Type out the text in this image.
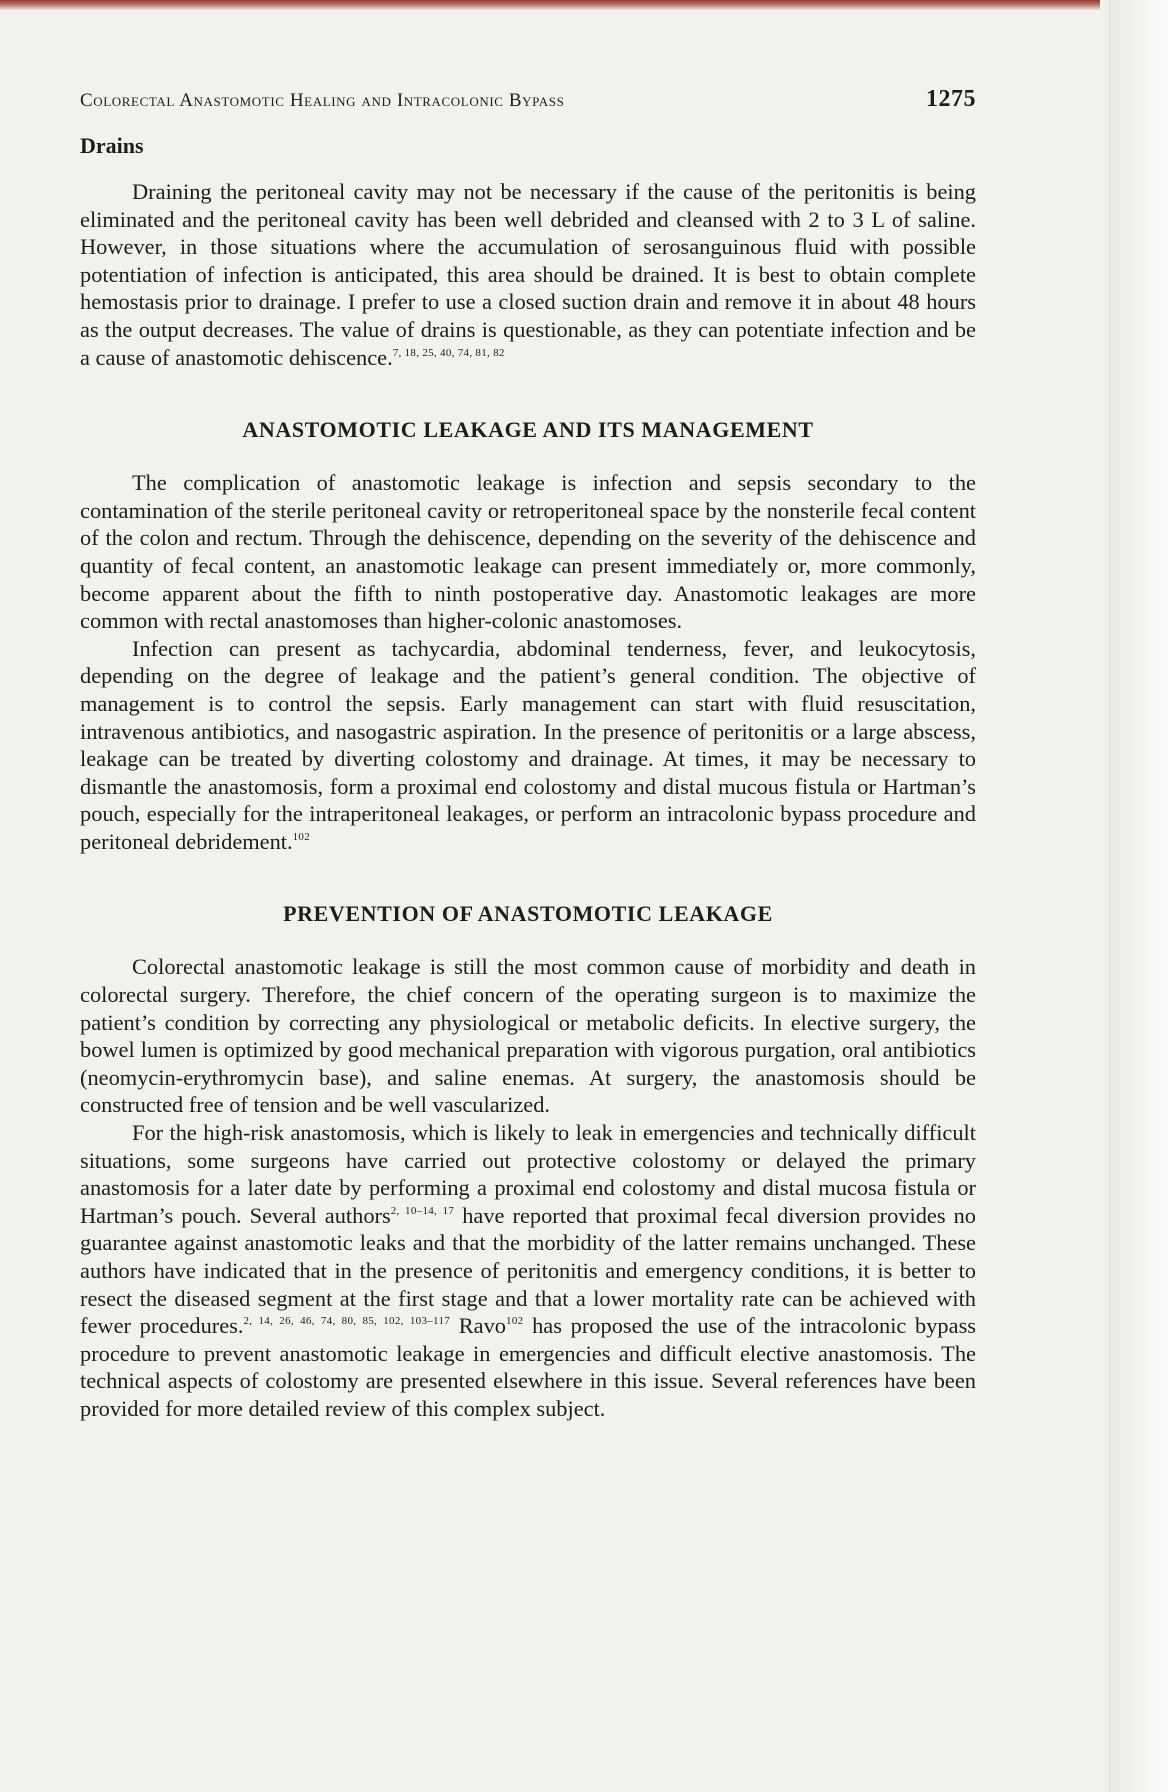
Colorectal Anastomotic Healing and Intracolonic Bypass	1275
Drains

Draining the peritoneal cavity may not be necessary if the cause of the peritonitis is being eliminated and the peritoneal cavity has been well debrided and cleansed with 2 to 3 L of saline. However, in those situations where the accumulation of serosanguinous fluid with possible potentiation of infection is anticipated, this area should be drained. It is best to obtain complete hemostasis prior to drainage. I prefer to use a closed suction drain and remove it in about 48 hours as the output decreases. The value of drains is questionable, as they can potentiate infection and be a cause of anastomotic dehiscence.$^{7, 18, 25, 40, 74, 81, 82}$

ANASTOMOTIC LEAKAGE AND ITS MANAGEMENT

The complication of anastomotic leakage is infection and sepsis secondary to the contamination of the sterile peritoneal cavity or retroperitoneal space by the nonsterile fecal content of the colon and rectum. Through the dehiscence, depending on the severity of the dehiscence and quantity of fecal content, an anastomotic leakage can present immediately or, more commonly, become apparent about the fifth to ninth postoperative day. Anastomotic leakages are more common with rectal anastomoses than higher-colonic anastomoses.

Infection can present as tachycardia, abdominal tenderness, fever, and leukocytosis, depending on the degree of leakage and the patient’s general condition. The objective of management is to control the sepsis. Early management can start with fluid resuscitation, intravenous antibiotics, and nasogastric aspiration. In the presence of peritonitis or a large abscess, leakage can be treated by diverting colostomy and drainage. At times, it may be necessary to dismantle the anastomosis, form a proximal end colostomy and distal mucous fistula or Hartman’s pouch, especially for the intraperitoneal leakages, or perform an intracolonic bypass procedure and peritoneal debridement.$^{102}$

PREVENTION OF ANASTOMOTIC LEAKAGE

Colorectal anastomotic leakage is still the most common cause of morbidity and death in colorectal surgery. Therefore, the chief concern of the operating surgeon is to maximize the patient’s condition by correcting any physiological or metabolic deficits. In elective surgery, the bowel lumen is optimized by good mechanical preparation with vigorous purgation, oral antibiotics (neomycin-erythromycin base), and saline enemas. At surgery, the anastomosis should be constructed free of tension and be well vascularized.

For the high-risk anastomosis, which is likely to leak in emergencies and technically difficult situations, some surgeons have carried out protective colostomy or delayed the primary anastomosis for a later date by performing a proximal end colostomy and distal mucosa fistula or Hartman’s pouch. Several authors$^{2, 10-14, 17}$ have reported that proximal fecal diversion provides no guarantee against anastomotic leaks and that the morbidity of the latter remains unchanged. These authors have indicated that in the presence of peritonitis and emergency conditions, it is better to resect the diseased segment at the first stage and that a lower mortality rate can be achieved with fewer procedures.$^{2, 14, 26, 46, 74, 80, 85, 102, 103-117}$ Ravo$^{102}$ has proposed the use of the intracolonic bypass procedure to prevent anastomotic leakage in emergencies and difficult elective anastomosis. The technical aspects of colostomy are presented elsewhere in this issue. Several references have been provided for more detailed review of this complex subject.
